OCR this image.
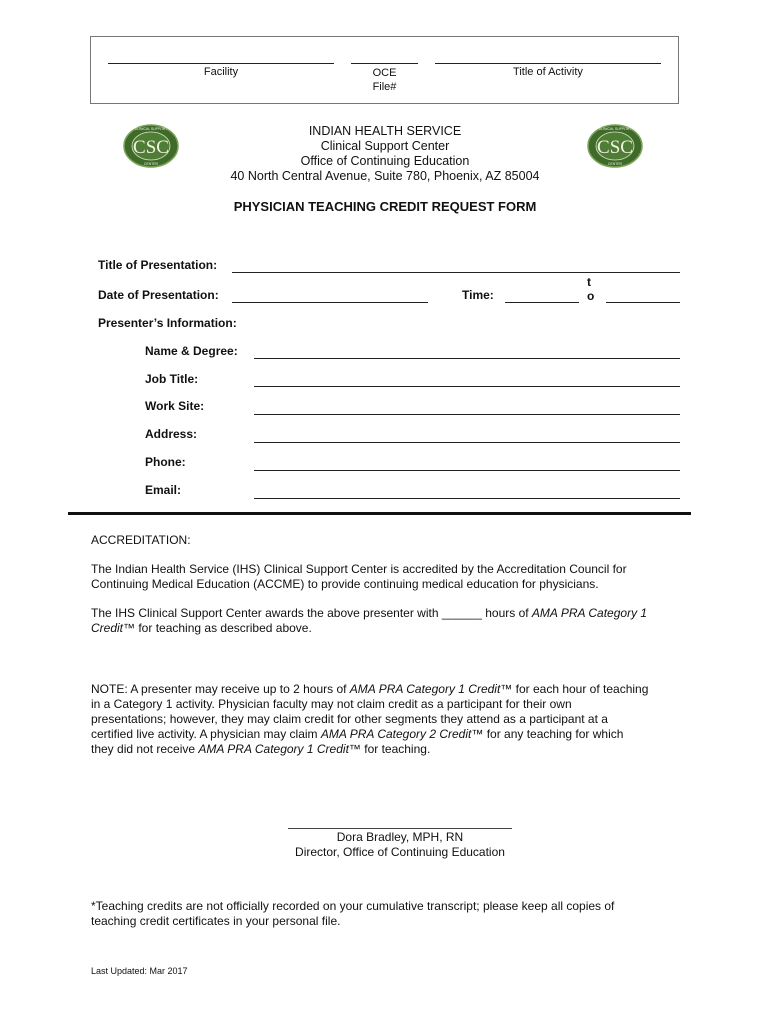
Facility	OCE
File#
Title of Activity
CSC
CLINICAL SUPPORT
CENTER
CSC
CLINICAL SUPPORT
CENTER
INDIAN HEALTH SERVICE
Clinical Support Center
Office of Continuing Education
40 North Central Avenue, Suite 780, Phoenix, AZ 85004
PHYSICIAN TEACHING CREDIT REQUEST FORM
Title of Presentation:
Date of Presentation:	Time:
t
o
Presenter’s Information:
Name & Degree:
Job Title:
Work Site:
Address:
Phone:
Email:
ACCREDITATION:
The Indian Health Service (IHS) Clinical Support Center is accredited by the Accreditation Council for
Continuing Medical Education (ACCME) to provide continuing medical education for physicians.
The IHS Clinical Support Center awards the above presenter with ______ hours of AMA PRA Category 1
Credit™ for teaching as described above.
NOTE: A presenter may receive up to 2 hours of AMA PRA Category 1 Credit™ for each hour of teaching
in a Category 1 activity. Physician faculty may not claim credit as a participant for their own
presentations; however, they may claim credit for other segments they attend as a participant at a
certified live activity. A physician may claim AMA PRA Category 2 Credit™ for any teaching for which
they did not receive AMA PRA Category 1 Credit™ for teaching.
Dora Bradley, MPH, RN
Director, Office of Continuing Education
*Teaching credits are not officially recorded on your cumulative transcript; please keep all copies of
teaching credit certificates in your personal file.
Last Updated: Mar 2017
